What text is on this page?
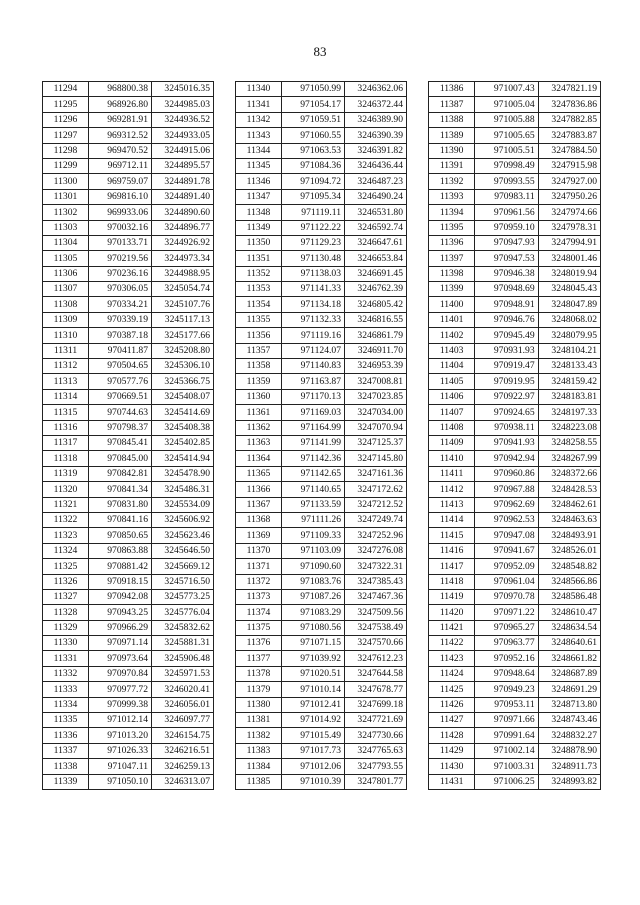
83
11294	968800.38	3245016.35
11295	968926.80	3244985.03
11296	969281.91	3244936.52
11297	969312.52	3244933.05
11298	969470.52	3244915.06
11299	969712.11	3244895.57
11300	969759.07	3244891.78
11301	969816.10	3244891.40
11302	969933.06	3244890.60
11303	970032.16	3244896.77
11304	970133.71	3244926.92
11305	970219.56	3244973.34
11306	970236.16	3244988.95
11307	970306.05	3245054.74
11308	970334.21	3245107.76
11309	970339.19	3245117.13
11310	970387.18	3245177.66
11311	970411.87	3245208.80
11312	970504.65	3245306.10
11313	970577.76	3245366.75
11314	970669.51	3245408.07
11315	970744.63	3245414.69
11316	970798.37	3245408.38
11317	970845.41	3245402.85
11318	970845.00	3245414.94
11319	970842.81	3245478.90
11320	970841.34	3245486.31
11321	970831.80	3245534.09
11322	970841.16	3245606.92
11323	970850.65	3245623.46
11324	970863.88	3245646.50
11325	970881.42	3245669.12
11326	970918.15	3245716.50
11327	970942.08	3245773.25
11328	970943.25	3245776.04
11329	970966.29	3245832.62
11330	970971.14	3245881.31
11331	970973.64	3245906.48
11332	970970.84	3245971.53
11333	970977.72	3246020.41
11334	970999.38	3246056.01
11335	971012.14	3246097.77
11336	971013.20	3246154.75
11337	971026.33	3246216.51
11338	971047.11	3246259.13
11339	971050.10	3246313.07
11340	971050.99	3246362.06
11341	971054.17	3246372.44
11342	971059.51	3246389.90
11343	971060.55	3246390.39
11344	971063.53	3246391.82
11345	971084.36	3246436.44
11346	971094.72	3246487.23
11347	971095.34	3246490.24
11348	971119.11	3246531.80
11349	971122.22	3246592.74
11350	971129.23	3246647.61
11351	971130.48	3246653.84
11352	971138.03	3246691.45
11353	971141.33	3246762.39
11354	971134.18	3246805.42
11355	971132.33	3246816.55
11356	971119.16	3246861.79
11357	971124.07	3246911.70
11358	971140.83	3246953.39
11359	971163.87	3247008.81
11360	971170.13	3247023.85
11361	971169.03	3247034.00
11362	971164.99	3247070.94
11363	971141.99	3247125.37
11364	971142.36	3247145.80
11365	971142.65	3247161.36
11366	971140.65	3247172.62
11367	971133.59	3247212.52
11368	971111.26	3247249.74
11369	971109.33	3247252.96
11370	971103.09	3247276.08
11371	971090.60	3247322.31
11372	971083.76	3247385.43
11373	971087.26	3247467.36
11374	971083.29	3247509.56
11375	971080.56	3247538.49
11376	971071.15	3247570.66
11377	971039.92	3247612.23
11378	971020.51	3247644.58
11379	971010.14	3247678.77
11380	971012.41	3247699.18
11381	971014.92	3247721.69
11382	971015.49	3247730.66
11383	971017.73	3247765.63
11384	971012.06	3247793.55
11385	971010.39	3247801.77
11386	971007.43	3247821.19
11387	971005.04	3247836.86
11388	971005.88	3247882.85
11389	971005.65	3247883.87
11390	971005.51	3247884.50
11391	970998.49	3247915.98
11392	970993.55	3247927.00
11393	970983.11	3247950.26
11394	970961.56	3247974.66
11395	970959.10	3247978.31
11396	970947.93	3247994.91
11397	970947.53	3248001.46
11398	970946.38	3248019.94
11399	970948.69	3248045.43
11400	970948.91	3248047.89
11401	970946.76	3248068.02
11402	970945.49	3248079.95
11403	970931.93	3248104.21
11404	970919.47	3248133.43
11405	970919.95	3248159.42
11406	970922.97	3248183.81
11407	970924.65	3248197.33
11408	970938.11	3248223.08
11409	970941.93	3248258.55
11410	970942.94	3248267.99
11411	970960.86	3248372.66
11412	970967.88	3248428.53
11413	970962.69	3248462.61
11414	970962.53	3248463.63
11415	970947.08	3248493.91
11416	970941.67	3248526.01
11417	970952.09	3248548.82
11418	970961.04	3248566.86
11419	970970.78	3248586.48
11420	970971.22	3248610.47
11421	970965.27	3248634.54
11422	970963.77	3248640.61
11423	970952.16	3248661.82
11424	970948.64	3248687.89
11425	970949.23	3248691.29
11426	970953.11	3248713.80
11427	970971.66	3248743.46
11428	970991.64	3248832.27
11429	971002.14	3248878.90
11430	971003.31	3248911.73
11431	971006.25	3248993.82
